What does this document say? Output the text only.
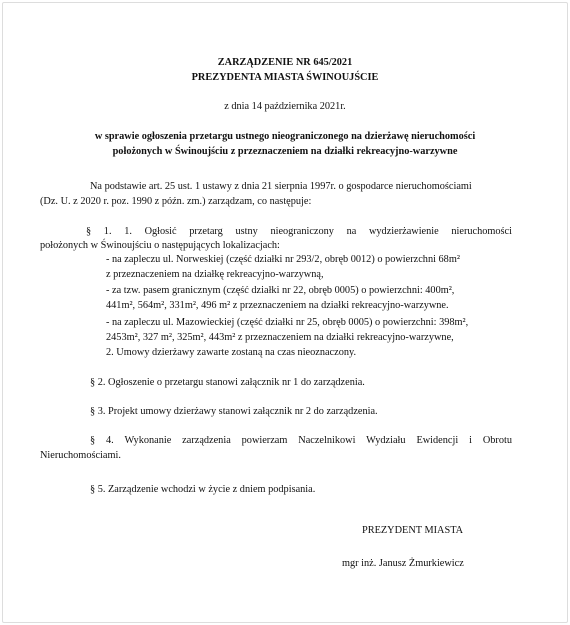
ZARZĄDZENIE NR 645/2021
PREZYDENTA MIASTA ŚWINOUJŚCIE
z dnia 14 października 2021r.
w sprawie ogłoszenia przetargu ustnego nieograniczonego na dzierżawę nieruchomości
położonych w Świnoujściu z przeznaczeniem na działki rekreacyjno-warzywne
Na podstawie art. 25 ust. 1 ustawy z dnia 21 sierpnia 1997r. o gospodarce nieruchomościami
(Dz. U. z 2020 r. poz. 1990 z późn. zm.) zarządzam, co następuje:
§ 1. 1. Ogłosić przetarg ustny nieograniczony na wydzierżawienie nieruchomości
położonych w Świnoujściu o następujących lokalizacjach:
- na zapleczu ul. Norweskiej (część działki nr 293/2, obręb 0012) o powierzchni 68m²
z przeznaczeniem na działkę rekreacyjno-warzywną,
- za tzw. pasem granicznym (część działki nr 22, obręb 0005) o powierzchni: 400m²,
441m², 564m², 331m², 496 m² z przeznaczeniem na działki rekreacyjno-warzywne.
- na zapleczu ul. Mazowieckiej (część działki nr 25, obręb 0005) o powierzchni: 398m²,
2453m², 327 m², 325m², 443m² z przeznaczeniem na działki rekreacyjno-warzywne,
2. Umowy dzierżawy zawarte zostaną na czas nieoznaczony.
§ 2. Ogłoszenie o przetargu stanowi załącznik nr 1 do zarządzenia.
§ 3. Projekt umowy dzierżawy stanowi załącznik nr 2 do zarządzenia.
§ 4. Wykonanie zarządzenia powierzam Naczelnikowi Wydziału Ewidencji i Obrotu
Nieruchomościami.
§ 5. Zarządzenie wchodzi w życie z dniem podpisania.
PREZYDENT MIASTA
mgr inż. Janusz Żmurkiewicz
